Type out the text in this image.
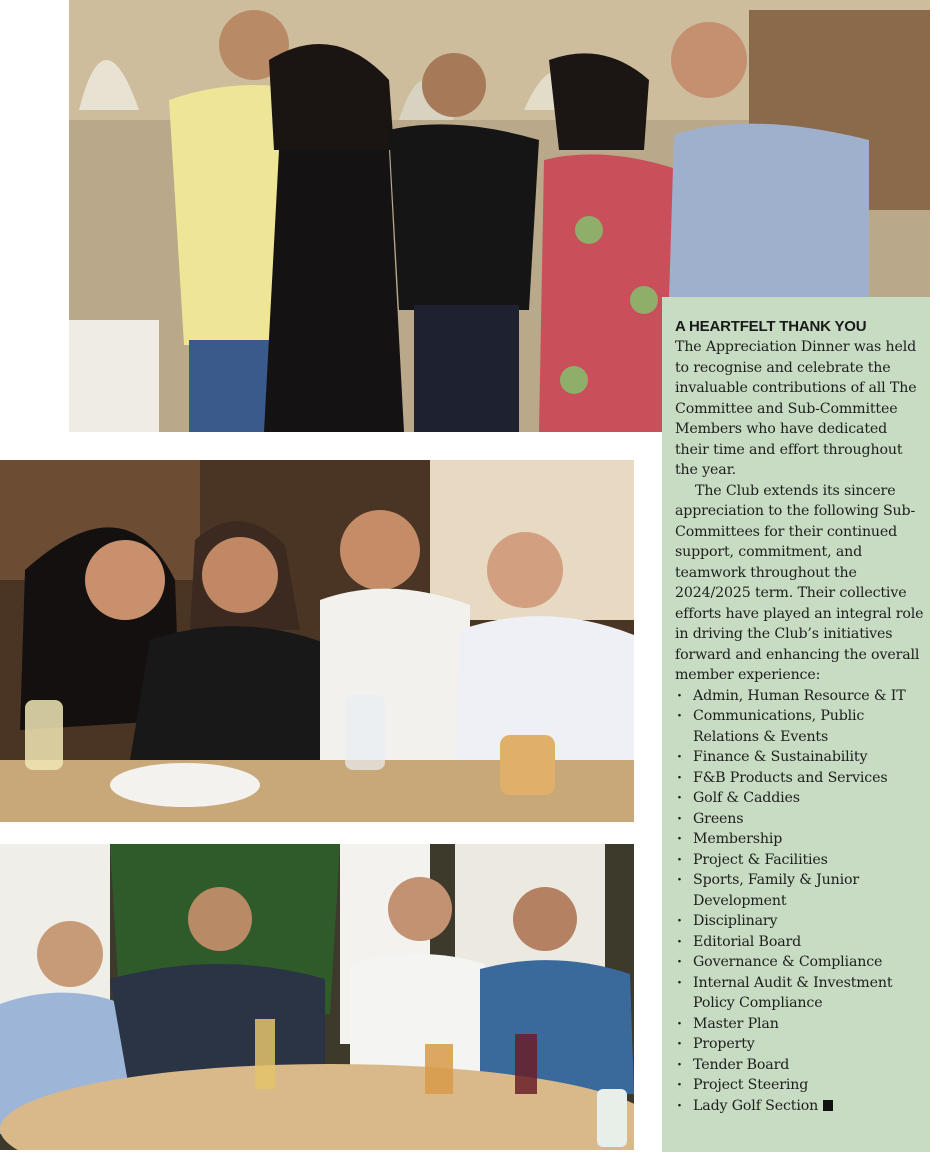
A HEARTFELT THANK YOU

The Appreciation Dinner was held to recognise and celebrate the invaluable contributions of all The Committee and Sub-Committee Members who have dedicated their time and effort throughout the year.

The Club extends its sincere appreciation to the following Sub-Committees for their continued support, commitment, and teamwork throughout the 2024/2025 term. Their collective efforts have played an integral role in driving the Club’s initiatives forward and enhancing the overall member experience:

· Admin, Human Resource & IT
· Communications, Public Relations & Events
· Finance & Sustainability
· F&B Products and Services
· Golf & Caddies
· Greens
· Membership
· Project & Facilities
· Sports, Family & Junior Development
· Disciplinary
· Editorial Board
· Governance & Compliance
· Internal Audit & Investment Policy Compliance
· Master Plan
· Property
· Tender Board
· Project Steering
· Lady Golf Section
